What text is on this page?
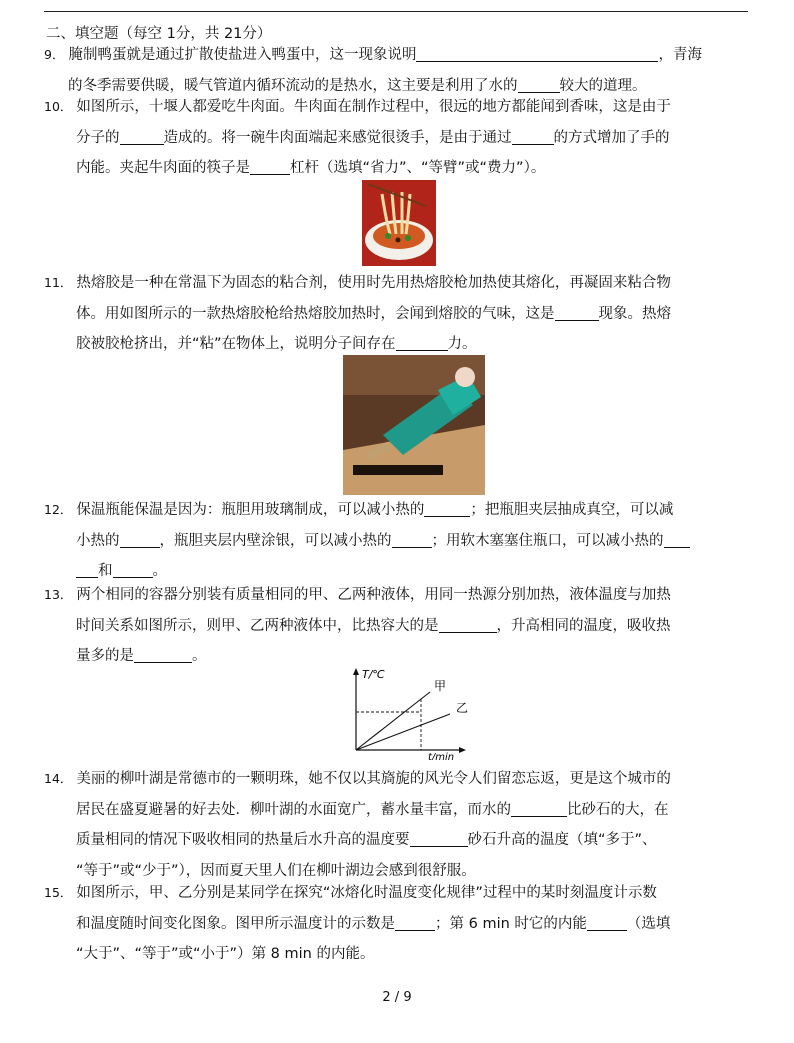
二、填空题（每空 1分，共 21分）
9． 腌制鸭蛋就是通过扩散使盐进入鸭蛋中，这一现象说明	，青海
的冬季需要供暖，暖气管道内循环流动的是热水，这主要是利用了水的	较大的道理。
10． 如图所示，十堰人都爱吃牛肉面。牛肉面在制作过程中，很远的地方都能闻到香味，这是由于
分子的	造成的。将一碗牛肉面端起来感觉很烫手，是由于通过	的方式增加了手的
内能。夹起牛肉面的筷子是	杠杆（选填“省力”、“等臂”或“费力”）。
11． 热熔胶是一种在常温下为固态的粘合剂，使用时先用热熔胶枪加热使其熔化，再凝固来粘合物
体。用如图所示的一款热熔胶枪给热熔胶加热时，会闻到熔胶的气味，这是	现象。热熔
胶被胶枪挤出，并“粘”在物体上，说明分子间存在	力。
12． 保温瓶能保温是因为：瓶胆用玻璃制成，可以减小热的	；把瓶胆夹层抽成真空，可以减
小热的	，瓶胆夹层内壁涂银，可以减小热的	；用软木塞塞住瓶口，可以减小热的
和	。
13． 两个相同的容器分别装有质量相同的甲、乙两种液体，用同一热源分别加热，液体温度与加热
时间关系如图所示，则甲、乙两种液体中，比热容大的是	，升高相同的温度，吸收热
量多的是	。
T/℃
t/min
甲
乙
14． 美丽的柳叶湖是常德市的一颗明珠，她不仅以其旖旎的风光令人们留恋忘返，更是这个城市的
居民在盛夏避暑的好去处．柳叶湖的水面宽广，蓄水量丰富，而水的	比砂石的大，在
质量相同的情况下吸收相同的热量后水升高的温度要	砂石升高的温度（填“多于”、
“等于”或“少于”），因而夏天里人们在柳叶湖边会感到很舒服。
15． 如图所示，甲、乙分别是某同学在探究“冰熔化时温度变化规律”过程中的某时刻温度计示数
和温度随时间变化图象。图甲所示温度计的示数是	；第 6 min 时它的内能	（选填
“大于”、“等于”或“小于”）第 8 min 的内能。
2 / 9
